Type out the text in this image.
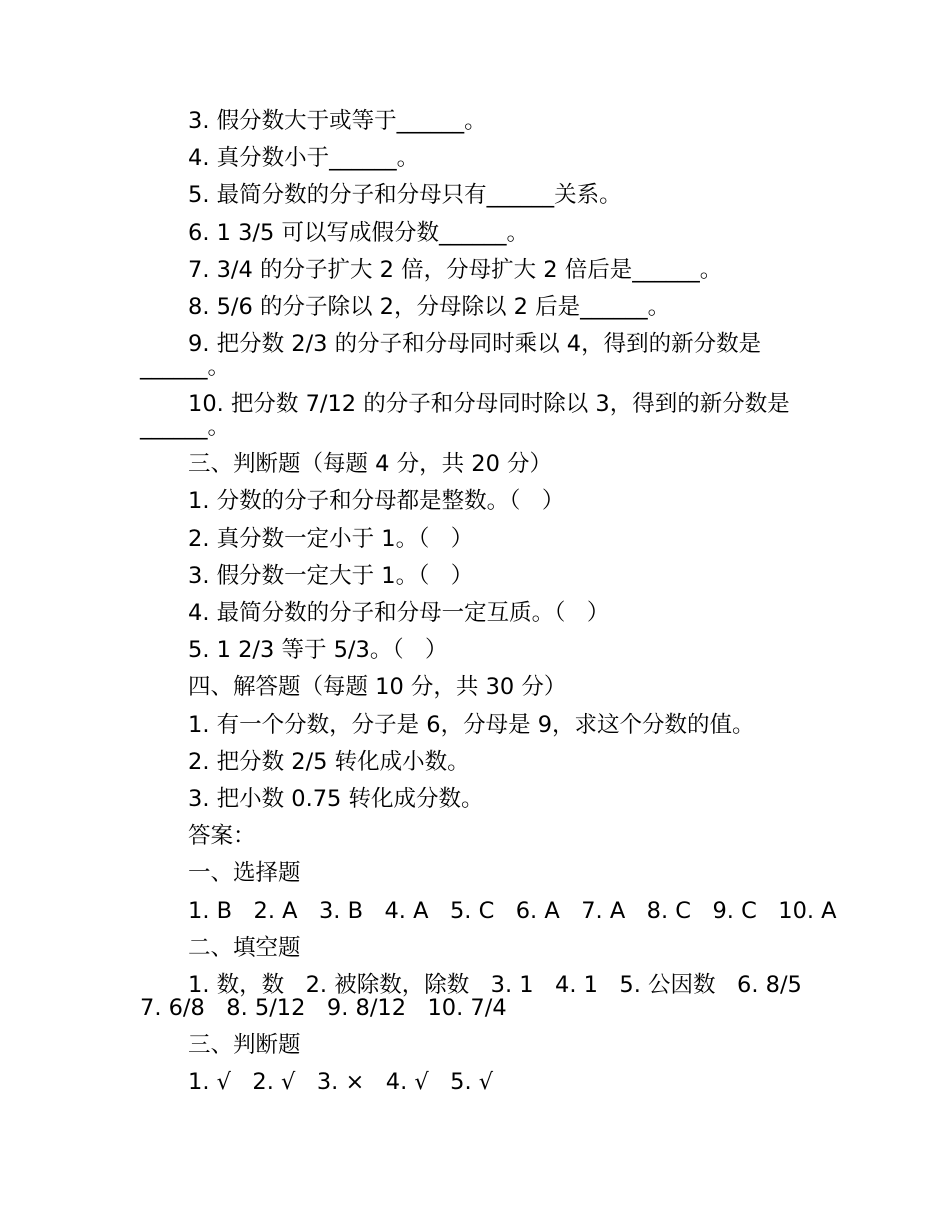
3. 假分数大于或等于______。
4. 真分数小于______。
5. 最简分数的分子和分母只有______关系。
6. 1 3/5 可以写成假分数______。
7. 3/4 的分子扩大 2 倍，分母扩大 2 倍后是______。
8. 5/6 的分子除以 2，分母除以 2 后是______。
9. 把分数 2/3 的分子和分母同时乘以 4，得到的新分数是______。
10. 把分数 7/12 的分子和分母同时除以 3，得到的新分数是______。
三、判断题（每题 4 分，共 20 分）
1. 分数的分子和分母都是整数。（   ）
2. 真分数一定小于 1。（   ）
3. 假分数一定大于 1。（   ）
4. 最简分数的分子和分母一定互质。（   ）
5. 1 2/3 等于 5/3。（   ）
四、解答题（每题 10 分，共 30 分）
1. 有一个分数，分子是 6，分母是 9，求这个分数的值。
2. 把分数 2/5 转化成小数。
3. 把小数 0.75 转化成分数。
答案：
一、选择题
1. B   2. A   3. B   4. A   5. C   6. A   7. A   8. C   9. C   10. A
二、填空题
1. 数，数   2. 被除数，除数   3. 1   4. 1   5. 公因数   6. 8/5   7. 6/8   8. 5/12   9. 8/12   10. 7/4
三、判断题
1. √   2. √   3. ×   4. √   5. √
